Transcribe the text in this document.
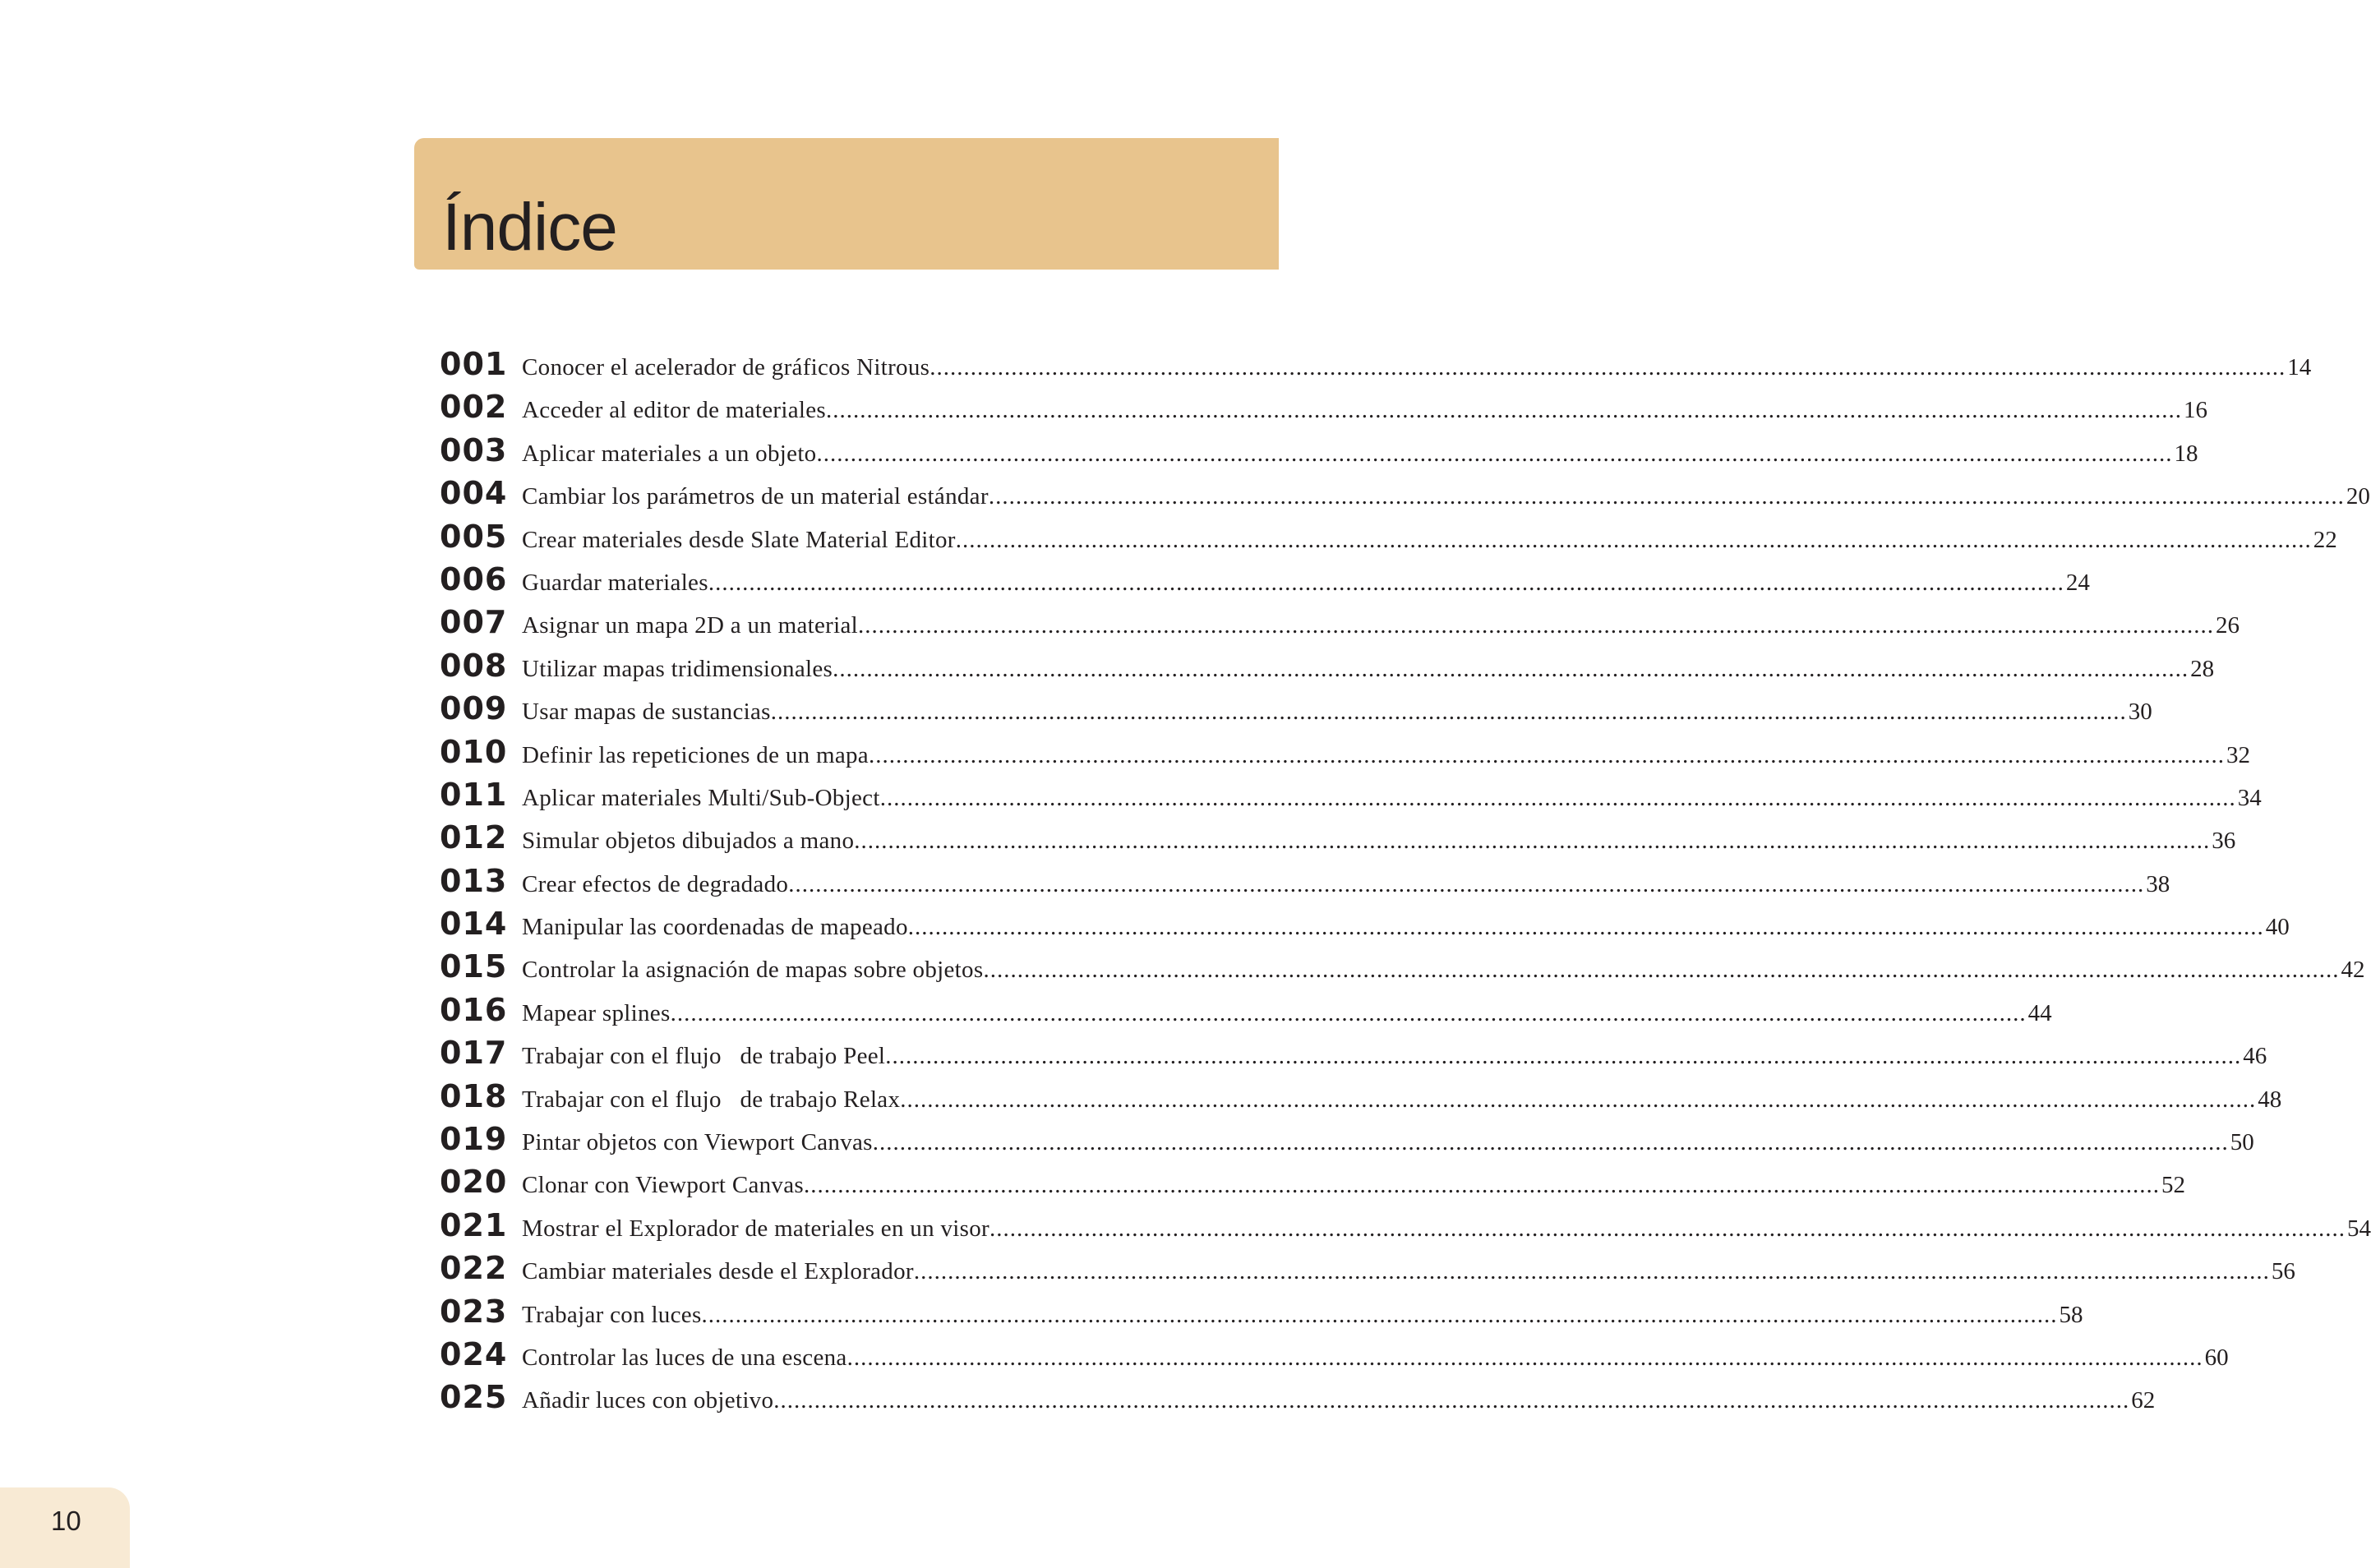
Índice
001 Conocer el acelerador de gráficos Nitrous ........................................................................................................................................................................................................ 14
002 Acceder al editor de materiales ........................................................................................................................................................................................................ 16
003 Aplicar materiales a un objeto ........................................................................................................................................................................................................ 18
004 Cambiar los parámetros de un material estándar ........................................................................................................................................................................................................ 20
005 Crear materiales desde Slate Material Editor ........................................................................................................................................................................................................ 22
006 Guardar materiales ........................................................................................................................................................................................................ 24
007 Asignar un mapa 2D a un material ........................................................................................................................................................................................................ 26
008 Utilizar mapas tridimensionales ........................................................................................................................................................................................................ 28
009 Usar mapas de sustancias ........................................................................................................................................................................................................ 30
010 Definir las repeticiones de un mapa ........................................................................................................................................................................................................ 32
011 Aplicar materiales Multi/Sub-Object ........................................................................................................................................................................................................ 34
012 Simular objetos dibujados a mano ........................................................................................................................................................................................................ 36
013 Crear efectos de degradado ........................................................................................................................................................................................................ 38
014 Manipular las coordenadas de mapeado ........................................................................................................................................................................................................ 40
015 Controlar la asignación de mapas sobre objetos ........................................................................................................................................................................................................ 42
016 Mapear splines ........................................................................................................................................................................................................ 44
017 Trabajar con el flujo   de trabajo Peel ........................................................................................................................................................................................................ 46
018 Trabajar con el flujo   de trabajo Relax ........................................................................................................................................................................................................ 48
019 Pintar objetos con Viewport Canvas ........................................................................................................................................................................................................ 50
020 Clonar con Viewport Canvas ........................................................................................................................................................................................................ 52
021 Mostrar el Explorador de materiales en un visor ........................................................................................................................................................................................................ 54
022 Cambiar materiales desde el Explorador ........................................................................................................................................................................................................ 56
023 Trabajar con luces ........................................................................................................................................................................................................ 58
024 Controlar las luces de una escena ........................................................................................................................................................................................................ 60
025 Añadir luces con objetivo ........................................................................................................................................................................................................ 62
10
